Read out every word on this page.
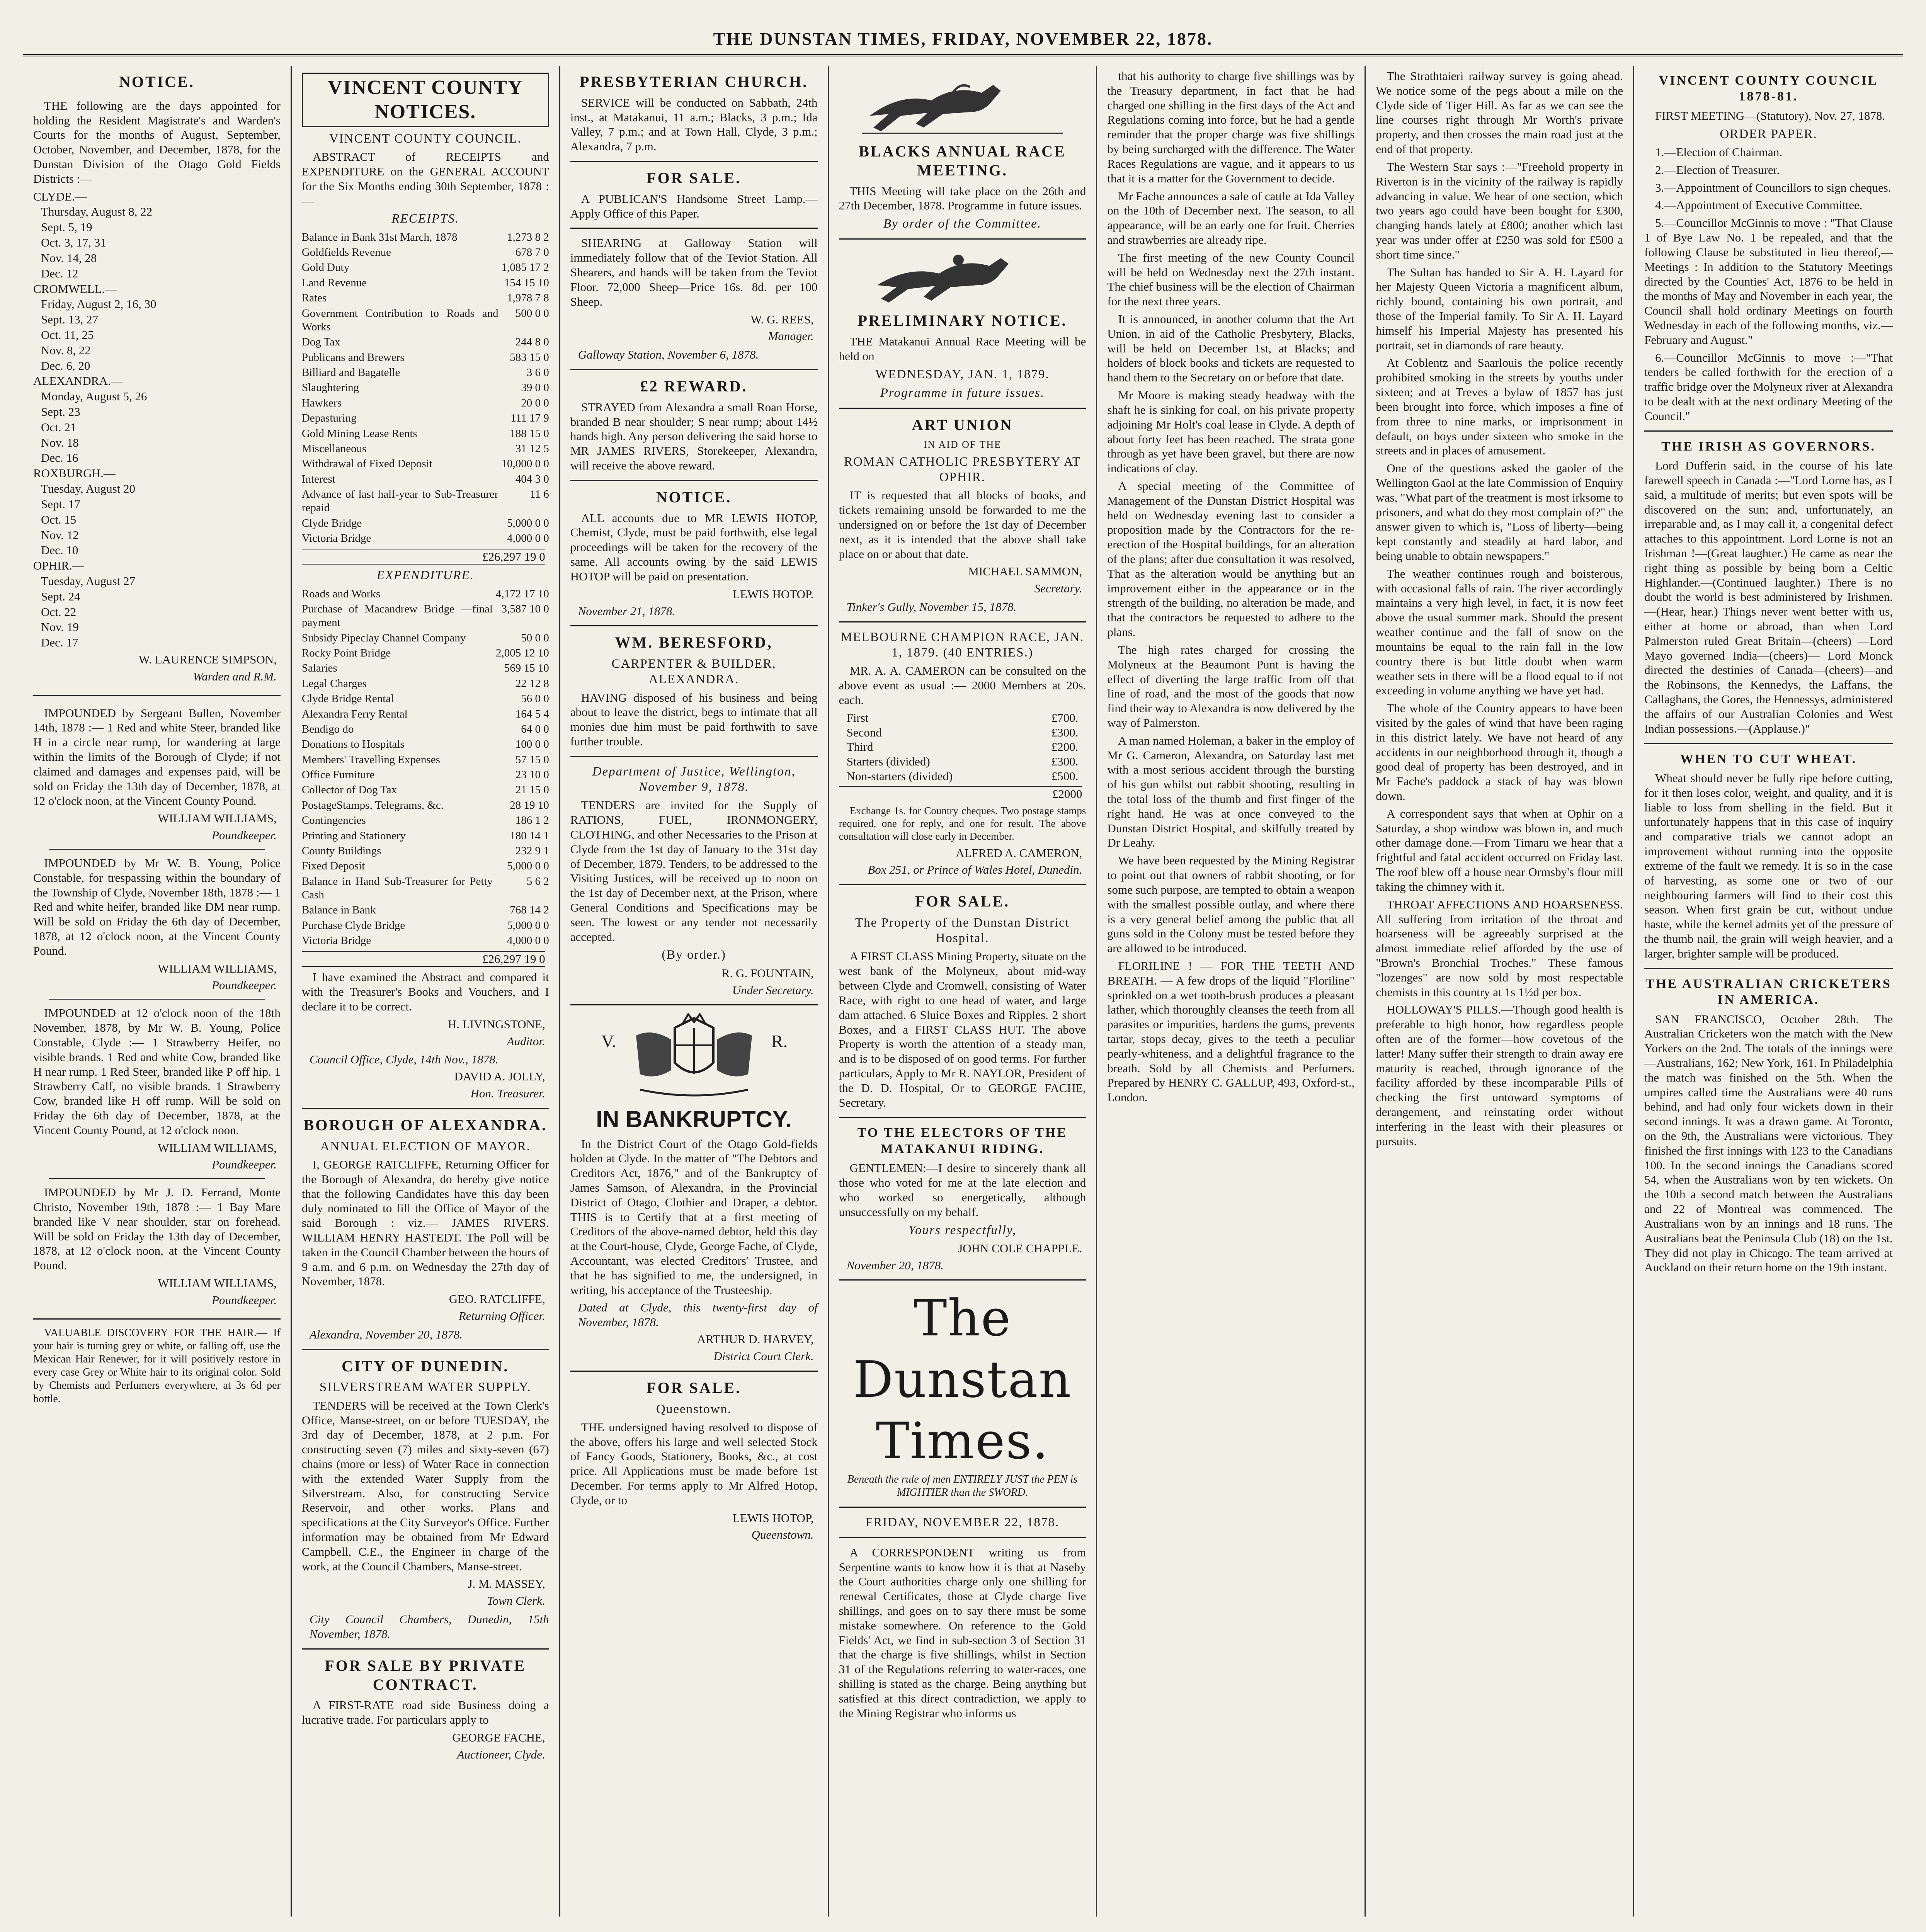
THE DUNSTAN TIMES, FRIDAY, NOVEMBER 22, 1878.
NOTICE.
THE following are the days appointed for holding the Resident Magistrate's and Warden's Courts for the months of August, September, October, November, and December, 1878, for the Dunstan Division of the Otago Gold Fields Districts :—
CLYDE.—
Thursday, August 8, 22
Sept. 5, 19
Oct. 3, 17, 31
Nov. 14, 28
Dec. 12
CROMWELL.—
Friday, August 2, 16, 30
Sept. 13, 27
Oct. 11, 25
Nov. 8, 22
Dec. 6, 20
ALEXANDRA.—
Monday, August 5, 26
Sept. 23
Oct. 21
Nov. 18
Dec. 16
ROXBURGH.—
Tuesday, August 20
Sept. 17
Oct. 15
Nov. 12
Dec. 10
OPHIR.—
Tuesday, August 27
Sept. 24
Oct. 22
Nov. 19
Dec. 17
W. LAURENCE SIMPSON,
Warden and R.M.
IMPOUNDED by Sergeant Bullen, November 14th, 1878 :— 1 Red and white Steer, branded like H in a circle near rump, for wandering at large within the limits of the Borough of Clyde; if not claimed and damages and expenses paid, will be sold on Friday the 13th day of December, 1878, at 12 o'clock noon, at the Vincent County Pound.
WILLIAM WILLIAMS,
Poundkeeper.
IMPOUNDED by Mr W. B. Young, Police Constable, for trespassing within the boundary of the Township of Clyde, November 18th, 1878 :— 1 Red and white heifer, branded like DM near rump. Will be sold on Friday the 6th day of December, 1878, at 12 o'clock noon, at the Vincent County Pound.
WILLIAM WILLIAMS,
Poundkeeper.
IMPOUNDED at 12 o'clock noon of the 18th November, 1878, by Mr W. B. Young, Police Constable, Clyde :— 1 Strawberry Heifer, no visible brands. 1 Red and white Cow, branded like H near rump. 1 Red Steer, branded like P off hip. 1 Strawberry Calf, no visible brands. 1 Strawberry Cow, branded like H off rump. Will be sold on Friday the 6th day of December, 1878, at the Vincent County Pound, at 12 o'clock noon.
WILLIAM WILLIAMS,
Poundkeeper.
IMPOUNDED by Mr J. D. Ferrand, Monte Christo, November 19th, 1878 :— 1 Bay Mare branded like V near shoulder, star on forehead. Will be sold on Friday the 13th day of December, 1878, at 12 o'clock noon, at the Vincent County Pound.
WILLIAM WILLIAMS,
Poundkeeper.
VALUABLE DISCOVERY FOR THE HAIR.— If your hair is turning grey or white, or falling off, use the Mexican Hair Renewer, for it will positively restore in every case Grey or White hair to its original color. Sold by Chemists and Perfumers everywhere, at 3s 6d per bottle.
VINCENT COUNTY NOTICES.
VINCENT COUNTY COUNCIL.
ABSTRACT of RECEIPTS and EXPENDITURE on the GENERAL ACCOUNT for the Six Months ending 30th September, 1878 :—
RECEIPTS.
Balance in Bank 31st March, 1878	1,273 8 2
Goldfields Revenue	678 7 0
Gold Duty	1,085 17 2
Land Revenue	154 15 10
Rates	1,978 7 8
Government Contribution to Roads and Works	500 0 0
Dog Tax	244 8 0
Publicans and Brewers	583 15 0
Billiard and Bagatelle	3 6 0
Slaughtering	39 0 0
Hawkers	20 0 0
Depasturing	111 17 9
Gold Mining Lease Rents	188 15 0
Miscellaneous	31 12 5
Withdrawal of Fixed Deposit	10,000 0 0
Interest	404 3 0
Advance of last half-year to Sub-Treasurer repaid	11 6
Clyde Bridge	5,000 0 0
Victoria Bridge	4,000 0 0
£26,297 19 0
EXPENDITURE.
Roads and Works	4,172 17 10
Purchase of Macandrew Bridge —final payment	3,587 10 0
Subsidy Pipeclay Channel Company	50 0 0
Rocky Point Bridge	2,005 12 10
Salaries	569 15 10
Legal Charges	22 12 8
Clyde Bridge Rental	56 0 0
Alexandra Ferry Rental	164 5 4
Bendigo do	64 0 0
Donations to Hospitals	100 0 0
Members' Travelling Expenses	57 15 0
Office Furniture	23 10 0
Collector of Dog Tax	21 15 0
PostageStamps, Telegrams, &c.	28 19 10
Contingencies	186 1 2
Printing and Stationery	180 14 1
County Buildings	232 9 1
Fixed Deposit	5,000 0 0
Balance in Hand Sub-Treasurer for Petty Cash	5 6 2
Balance in Bank	768 14 2
Purchase Clyde Bridge	5,000 0 0
Victoria Bridge	4,000 0 0
£26,297 19 0
I have examined the Abstract and compared it with the Treasurer's Books and Vouchers, and I declare it to be correct.
H. LIVINGSTONE,
Auditor.
Council Office, Clyde, 14th Nov., 1878.
DAVID A. JOLLY,
Hon. Treasurer.
BOROUGH OF ALEXANDRA.
ANNUAL ELECTION OF MAYOR.
I, GEORGE RATCLIFFE, Returning Officer for the Borough of Alexandra, do hereby give notice that the following Candidates have this day been duly nominated to fill the Office of Mayor of the said Borough : viz.— JAMES RIVERS. WILLIAM HENRY HASTEDT. The Poll will be taken in the Council Chamber between the hours of 9 a.m. and 6 p.m. on Wednesday the 27th day of November, 1878.
GEO. RATCLIFFE,
Returning Officer.
Alexandra, November 20, 1878.
CITY OF DUNEDIN.
SILVERSTREAM WATER SUPPLY.
TENDERS will be received at the Town Clerk's Office, Manse-street, on or before TUESDAY, the 3rd day of December, 1878, at 2 p.m. For constructing seven (7) miles and sixty-seven (67) chains (more or less) of Water Race in connection with the extended Water Supply from the Silverstream. Also, for constructing Service Reservoir, and other works. Plans and specifications at the City Surveyor's Office. Further information may be obtained from Mr Edward Campbell, C.E., the Engineer in charge of the work, at the Council Chambers, Manse-street.
J. M. MASSEY,
Town Clerk.
City Council Chambers, Dunedin, 15th November, 1878.
FOR SALE BY PRIVATE CONTRACT.
A FIRST-RATE road side Business doing a lucrative trade. For particulars apply to
GEORGE FACHE,
Auctioneer, Clyde.
PRESBYTERIAN CHURCH.
SERVICE will be conducted on Sabbath, 24th inst., at Matakanui, 11 a.m.; Blacks, 3 p.m.; Ida Valley, 7 p.m.; and at Town Hall, Clyde, 3 p.m.; Alexandra, 7 p.m.
FOR SALE.
A PUBLICAN'S Handsome Street Lamp.—Apply Office of this Paper.
SHEARING at Galloway Station will immediately follow that of the Teviot Station. All Shearers, and hands will be taken from the Teviot Floor. 72,000 Sheep—Price 16s. 8d. per 100 Sheep.
W. G. REES,
Manager.
Galloway Station, November 6, 1878.
£2 REWARD.
STRAYED from Alexandra a small Roan Horse, branded B near shoulder; S near rump; about 14½ hands high. Any person delivering the said horse to MR JAMES RIVERS, Storekeeper, Alexandra, will receive the above reward.
NOTICE.
ALL accounts due to MR LEWIS HOTOP, Chemist, Clyde, must be paid forthwith, else legal proceedings will be taken for the recovery of the same. All accounts owing by the said LEWIS HOTOP will be paid on presentation.
LEWIS HOTOP.
November 21, 1878.
WM. BERESFORD,
CARPENTER & BUILDER, ALEXANDRA.
HAVING disposed of his business and being about to leave the district, begs to intimate that all monies due him must be paid forthwith to save further trouble.
Department of Justice, Wellington, November 9, 1878.
TENDERS are invited for the Supply of RATIONS, FUEL, IRONMONGERY, CLOTHING, and other Necessaries to the Prison at Clyde from the 1st day of January to the 31st day of December, 1879. Tenders, to be addressed to the Visiting Justices, will be received up to noon on the 1st day of December next, at the Prison, where General Conditions and Specifications may be seen. The lowest or any tender not necessarily accepted.
(By order.)
R. G. FOUNTAIN,
Under Secretary.
V.	R.
IN BANKRUPTCY.
In the District Court of the Otago Gold-fields holden at Clyde. In the matter of "The Debtors and Creditors Act, 1876," and of the Bankruptcy of James Samson, of Alexandra, in the Provincial District of Otago, Clothier and Draper, a debtor. THIS is to Certify that at a first meeting of Creditors of the above-named debtor, held this day at the Court-house, Clyde, George Fache, of Clyde, Accountant, was elected Creditors' Trustee, and that he has signified to me, the undersigned, in writing, his acceptance of the Trusteeship.
Dated at Clyde, this twenty-first day of November, 1878.
ARTHUR D. HARVEY,
District Court Clerk.
FOR SALE.
Queenstown.
THE undersigned having resolved to dispose of the above, offers his large and well selected Stock of Fancy Goods, Stationery, Books, &c., at cost price. All Applications must be made before 1st December. For terms apply to Mr Alfred Hotop, Clyde, or to
LEWIS HOTOP,
Queenstown.
BLACKS ANNUAL RACE MEETING.
THIS Meeting will take place on the 26th and 27th December, 1878. Programme in future issues.
By order of the Committee.
PRELIMINARY NOTICE.
THE Matakanui Annual Race Meeting will be held on
WEDNESDAY, JAN. 1, 1879.
Programme in future issues.
ART UNION
IN AID OF THE
ROMAN CATHOLIC PRESBYTERY AT OPHIR.
IT is requested that all blocks of books, and tickets remaining unsold be forwarded to me the undersigned on or before the 1st day of December next, as it is intended that the above shall take place on or about that date.
MICHAEL SAMMON,
Secretary.
Tinker's Gully, November 15, 1878.
MELBOURNE CHAMPION RACE, JAN. 1, 1879. (40 ENTRIES.)
MR. A. A. CAMERON can be consulted on the above event as usual :— 2000 Members at 20s. each.
First	£700.
Second	£300.
Third	£200.
Starters (divided)	£300.
Non-starters (divided)	£500.
£2000
Exchange 1s. for Country cheques. Two postage stamps required, one for reply, and one for result. The above consultation will close early in December.
ALFRED A. CAMERON,
Box 251, or Prince of Wales Hotel, Dunedin.
FOR SALE.
The Property of the Dunstan District Hospital.
A FIRST CLASS Mining Property, situate on the west bank of the Molyneux, about mid-way between Clyde and Cromwell, consisting of Water Race, with right to one head of water, and large dam attached. 6 Sluice Boxes and Ripples. 2 short Boxes, and a FIRST CLASS HUT. The above Property is worth the attention of a steady man, and is to be disposed of on good terms. For further particulars, Apply to Mr R. NAYLOR, President of the D. D. Hospital, Or to GEORGE FACHE, Secretary.
TO THE ELECTORS OF THE MATAKANUI RIDING.
GENTLEMEN:—I desire to sincerely thank all those who voted for me at the late election and who worked so energetically, although unsuccessfully on my behalf.
Yours respectfully,
JOHN COLE CHAPPLE.
November 20, 1878.
The Dunstan Times.
Beneath the rule of men ENTIRELY JUST the PEN is MIGHTIER than the SWORD.
FRIDAY, NOVEMBER 22, 1878.
A CORRESPONDENT writing us from Serpentine wants to know how it is that at Naseby the Court authorities charge only one shilling for renewal Certificates, those at Clyde charge five shillings, and goes on to say there must be some mistake somewhere. On reference to the Gold Fields' Act, we find in sub-section 3 of Section 31 that the charge is five shillings, whilst in Section 31 of the Regulations referring to water-races, one shilling is stated as the charge. Being anything but satisfied at this direct contradiction, we apply to the Mining Registrar who informs us
that his authority to charge five shillings was by the Treasury department, in fact that he had charged one shilling in the first days of the Act and Regulations coming into force, but he had a gentle reminder that the proper charge was five shillings by being surcharged with the difference. The Water Races Regulations are vague, and it appears to us that it is a matter for the Government to decide.
Mr Fache announces a sale of cattle at Ida Valley on the 10th of December next. The season, to all appearance, will be an early one for fruit. Cherries and strawberries are already ripe.
The first meeting of the new County Council will be held on Wednesday next the 27th instant. The chief business will be the election of Chairman for the next three years.
It is announced, in another column that the Art Union, in aid of the Catholic Presbytery, Blacks, will be held on December 1st, at Blacks; and holders of block books and tickets are requested to hand them to the Secretary on or before that date.
Mr Moore is making steady headway with the shaft he is sinking for coal, on his private property adjoining Mr Holt's coal lease in Clyde. A depth of about forty feet has been reached. The strata gone through as yet have been gravel, but there are now indications of clay.
A special meeting of the Committee of Management of the Dunstan District Hospital was held on Wednesday evening last to consider a proposition made by the Contractors for the re-erection of the Hospital buildings, for an alteration of the plans; after due consultation it was resolved, That as the alteration would be anything but an improvement either in the appearance or in the strength of the building, no alteration be made, and that the contractors be requested to adhere to the plans.
The high rates charged for crossing the Molyneux at the Beaumont Punt is having the effect of diverting the large traffic from off that line of road, and the most of the goods that now find their way to Alexandra is now delivered by the way of Palmerston.
A man named Holeman, a baker in the employ of Mr G. Cameron, Alexandra, on Saturday last met with a most serious accident through the bursting of his gun whilst out rabbit shooting, resulting in the total loss of the thumb and first finger of the right hand. He was at once conveyed to the Dunstan District Hospital, and skilfully treated by Dr Leahy.
We have been requested by the Mining Registrar to point out that owners of rabbit shooting, or for some such purpose, are tempted to obtain a weapon with the smallest possible outlay, and where there is a very general belief among the public that all guns sold in the Colony must be tested before they are allowed to be introduced.
FLORILINE ! — FOR THE TEETH AND BREATH. — A few drops of the liquid "Floriline" sprinkled on a wet tooth-brush produces a pleasant lather, which thoroughly cleanses the teeth from all parasites or impurities, hardens the gums, prevents tartar, stops decay, gives to the teeth a peculiar pearly-whiteness, and a delightful fragrance to the breath. Sold by all Chemists and Perfumers. Prepared by HENRY C. GALLUP, 493, Oxford-st., London.
The Strathtaieri railway survey is going ahead. We notice some of the pegs about a mile on the Clyde side of Tiger Hill. As far as we can see the line courses right through Mr Worth's private property, and then crosses the main road just at the end of that property.
The Western Star says :—"Freehold property in Riverton is in the vicinity of the railway is rapidly advancing in value. We hear of one section, which two years ago could have been bought for £300, changing hands lately at £800; another which last year was under offer at £250 was sold for £500 a short time since."
The Sultan has handed to Sir A. H. Layard for her Majesty Queen Victoria a magnificent album, richly bound, containing his own portrait, and those of the Imperial family. To Sir A. H. Layard himself his Imperial Majesty has presented his portrait, set in diamonds of rare beauty.
At Coblentz and Saarlouis the police recently prohibited smoking in the streets by youths under sixteen; and at Treves a bylaw of 1857 has just been brought into force, which imposes a fine of from three to nine marks, or imprisonment in default, on boys under sixteen who smoke in the streets and in places of amusement.
One of the questions asked the gaoler of the Wellington Gaol at the late Commission of Enquiry was, "What part of the treatment is most irksome to prisoners, and what do they most complain of?" the answer given to which is, "Loss of liberty—being kept constantly and steadily at hard labor, and being unable to obtain newspapers."
The weather continues rough and boisterous, with occasional falls of rain. The river accordingly maintains a very high level, in fact, it is now feet above the usual summer mark. Should the present weather continue and the fall of snow on the mountains be equal to the rain fall in the low country there is but little doubt when warm weather sets in there will be a flood equal to if not exceeding in volume anything we have yet had.
The whole of the Country appears to have been visited by the gales of wind that have been raging in this district lately. We have not heard of any accidents in our neighborhood through it, though a good deal of property has been destroyed, and in Mr Fache's paddock a stack of hay was blown down.
A correspondent says that when at Ophir on a Saturday, a shop window was blown in, and much other damage done.—From Timaru we hear that a frightful and fatal accident occurred on Friday last. The roof blew off a house near Ormsby's flour mill taking the chimney with it.
THROAT AFFECTIONS AND HOARSENESS. All suffering from irritation of the throat and hoarseness will be agreeably surprised at the almost immediate relief afforded by the use of "Brown's Bronchial Troches." These famous "lozenges" are now sold by most respectable chemists in this country at 1s 1½d per box.
HOLLOWAY'S PILLS.—Though good health is preferable to high honor, how regardless people often are of the former—how covetous of the latter! Many suffer their strength to drain away ere maturity is reached, through ignorance of the facility afforded by these incomparable Pills of checking the first untoward symptoms of derangement, and reinstating order without interfering in the least with their pleasures or pursuits.
VINCENT COUNTY COUNCIL 1878-81.
FIRST MEETING—(Statutory), Nov. 27, 1878.
ORDER PAPER.
1.—Election of Chairman.
2.—Election of Treasurer.
3.—Appointment of Councillors to sign cheques.
4.—Appointment of Executive Committee.
5.—Councillor McGinnis to move : "That Clause 1 of Bye Law No. 1 be repealed, and that the following Clause be substituted in lieu thereof,—Meetings : In addition to the Statutory Meetings directed by the Counties' Act, 1876 to be held in the months of May and November in each year, the Council shall hold ordinary Meetings on fourth Wednesday in each of the following months, viz.—February and August."
6.—Councillor McGinnis to move :—"That tenders be called forthwith for the erection of a traffic bridge over the Molyneux river at Alexandra to be dealt with at the next ordinary Meeting of the Council."
THE IRISH AS GOVERNORS.
Lord Dufferin said, in the course of his late farewell speech in Canada :—"Lord Lorne has, as I said, a multitude of merits; but even spots will be discovered on the sun; and, unfortunately, an irreparable and, as I may call it, a congenital defect attaches to this appointment. Lord Lorne is not an Irishman !—(Great laughter.) He came as near the right thing as possible by being born a Celtic Highlander.—(Continued laughter.) There is no doubt the world is best administered by Irishmen.—(Hear, hear.) Things never went better with us, either at home or abroad, than when Lord Palmerston ruled Great Britain—(cheers) —Lord Mayo governed India—(cheers)— Lord Monck directed the destinies of Canada—(cheers)—and the Robinsons, the Kennedys, the Laffans, the Callaghans, the Gores, the Hennessys, administered the affairs of our Australian Colonies and West Indian possessions.—(Applause.)"
WHEN TO CUT WHEAT.
Wheat should never be fully ripe before cutting, for it then loses color, weight, and quality, and it is liable to loss from shelling in the field. But it unfortunately happens that in this case of inquiry and comparative trials we cannot adopt an improvement without running into the opposite extreme of the fault we remedy. It is so in the case of harvesting, as some one or two of our neighbouring farmers will find to their cost this season. When first grain be cut, without undue haste, while the kernel admits yet of the pressure of the thumb nail, the grain will weigh heavier, and a larger, brighter sample will be produced.
THE AUSTRALIAN CRICKETERS IN AMERICA.
SAN FRANCISCO, October 28th. The Australian Cricketers won the match with the New Yorkers on the 2nd. The totals of the innings were—Australians, 162; New York, 161. In Philadelphia the match was finished on the 5th. When the umpires called time the Australians were 40 runs behind, and had only four wickets down in their second innings. It was a drawn game. At Toronto, on the 9th, the Australians were victorious. They finished the first innings with 123 to the Canadians 100. In the second innings the Canadians scored 54, when the Australians won by ten wickets. On the 10th a second match between the Australians and 22 of Montreal was commenced. The Australians won by an innings and 18 runs. The Australians beat the Peninsula Club (18) on the 1st. They did not play in Chicago. The team arrived at Auckland on their return home on the 19th instant.
